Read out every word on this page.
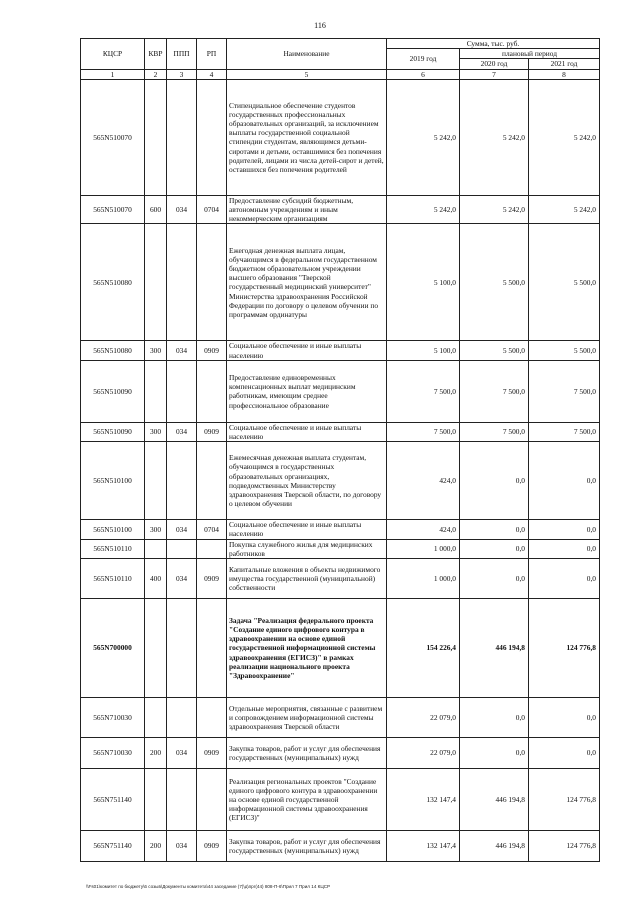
116
КЦСР	КВР	ППП	РП	Наименование	Сумма, тыс. руб.		
					2019 год	плановый период	
						2020 год	2021 год
1	2	3	4	5	6	7	8
565N510070				Стипендиальное обеспечение студентов государственных профессиональных образовательных организаций, за исключением выплаты государственной социальной стипендии студентам, являющимся детьми-сиротами и детьми, оставшимися без попечения родителей, лицами из числа детей-сирот и детей, оставшихся без попечения родителей	5 242,0	5 242,0	5 242,0
565N510070	600	034	0704	Предоставление субсидий бюджетным, автономным учреждениям и иным некоммерческим организациям	5 242,0	5 242,0	5 242,0
565N510080				Ежегодная денежная выплата лицам, обучающимся в федеральном государственном бюджетном образовательном учреждении высшего образования "Тверской государственный медицинский университет" Министерства здравоохранения Российской Федерации по договору о целевом обучении по программам ординатуры	5 100,0	5 500,0	5 500,0
565N510080	300	034	0909	Социальное обеспечение и иные выплаты населению	5 100,0	5 500,0	5 500,0
565N510090				Предоставление единовременных компенсационных выплат медицинским работникам, имеющим среднее профессиональное образование	7 500,0	7 500,0	7 500,0
565N510090	300	034	0909	Социальное обеспечение и иные выплаты населению	7 500,0	7 500,0	7 500,0
565N510100				Ежемесячная денежная выплата студентам, обучающимся в государственных образовательных организациях, подведомственных Министерству здравоохранения Тверской области, по договору о целевом обучении	424,0	0,0	0,0
565N510100	300	034	0704	Социальное обеспечение и иные выплаты населению	424,0	0,0	0,0
565N510110				Покупка служебного жилья для медицинских работников	1 000,0	0,0	0,0
565N510110	400	034	0909	Капитальные вложения в объекты недвижимого имущества государственной (муниципальной) собственности	1 000,0	0,0	0,0
565N700000				Задача "Реализация федерального проекта "Создание единого цифрового контура в здравоохранении на основе единой государственной информационной системы здравоохранения (ЕГИСЗ)" в рамках реализации национального проекта "Здравоохранение"	154 226,4	446 194,8	124 776,8
565N710030				Отдельные мероприятия, связанные с развитием и сопровождением информационной системы здравоохранения Тверской области	22 079,0	0,0	0,0
565N710030	200	034	0909	Закупка товаров, работ и услуг для обеспечения государственных (муниципальных) нужд	22 079,0	0,0	0,0
565N751140				Реализация региональных проектов "Создание единого цифрового контура в здравоохранении на основе единой государственной информационной системы здравоохранения (ЕГИСЗ)"	132 147,4	446 194,8	124 776,8
565N751140	200	034	0909	Закупка товаров, работ и услуг для обеспечения государственных (муниципальных) нужд	132 147,4	446 194,8	124 776,8
\\Fs01\комитет по бюджету\6 созыв\Документы комитета\44 заседание (7)\д\прг(44) 808-П-6\Прил 7 Прил 14 КЦСР
